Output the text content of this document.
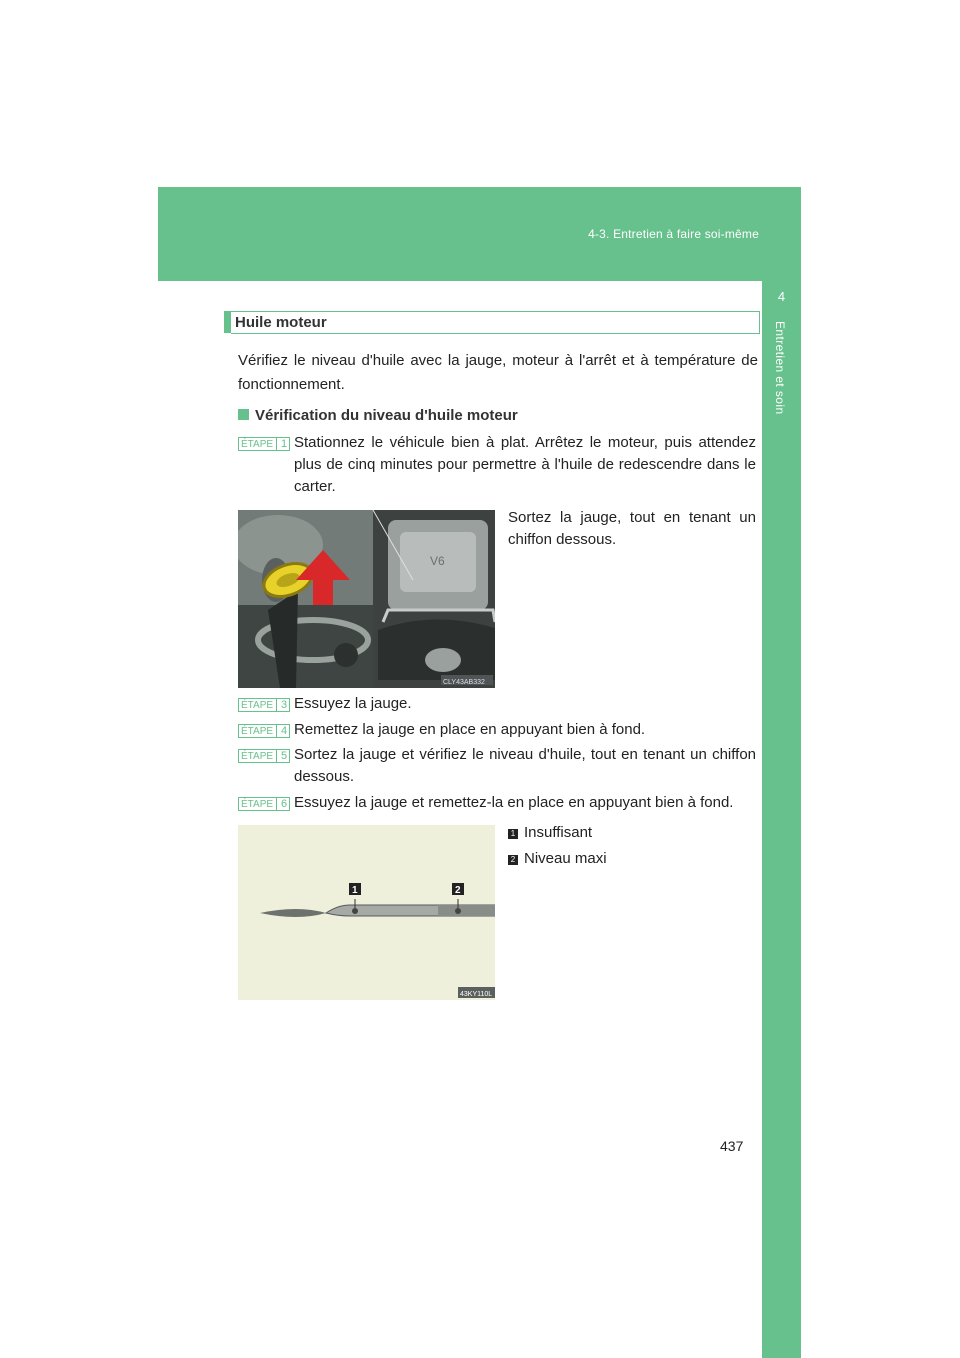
4-3. Entretien à faire soi-même
4
Entretien et soin
Huile moteur
Vérifiez le niveau d'huile avec la jauge, moteur à l'arrêt et à température de fonctionnement.
Vérification du niveau d'huile moteur
ÉTAPE 1 Stationnez le véhicule bien à plat. Arrêtez le moteur, puis attendez plus de cinq minutes pour permettre à l'huile de redescendre dans le carter.
Sortez la jauge, tout en tenant un chiffon dessous.
V6
CLY43AB332
ÉTAPE 3 Essuyez la jauge.
ÉTAPE 4 Remettez la jauge en place en appuyant bien à fond.
ÉTAPE 5 Sortez la jauge et vérifiez le niveau d'huile, tout en tenant un chiffon dessous.
ÉTAPE 6 Essuyez la jauge et remettez-la en place en appuyant bien à fond.
1	2
43KY110L
1 Insuffisant
2 Niveau maxi
437
